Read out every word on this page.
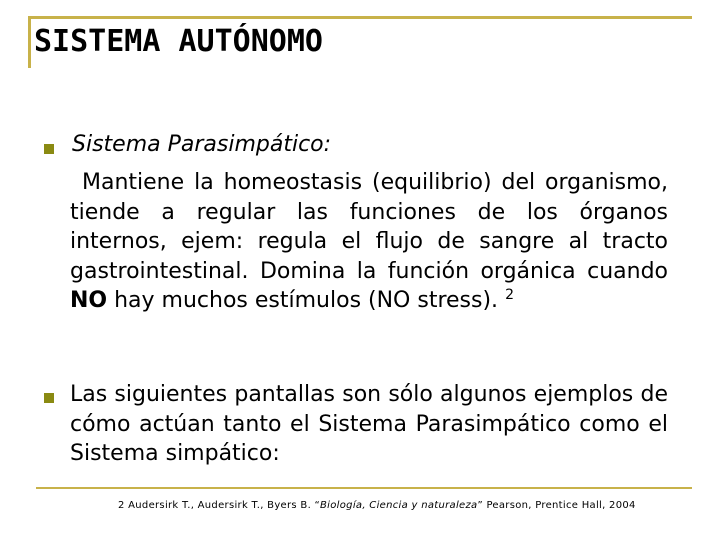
SISTEMA AUTÓNOMO
Sistema Parasimpático:
Mantiene la homeostasis (equilibrio) del organismo, tiende a regular las funciones de los órganos internos, ejem: regula el flujo de sangre al tracto gastrointestinal. Domina la función orgánica cuando NO hay muchos estímulos (NO stress). $^2$
Las siguientes pantallas son sólo algunos ejemplos de cómo actúan tanto el Sistema Parasimpático como el Sistema simpático:
2 Audersirk T., Audersirk T., Byers B. “Biología, Ciencia y naturaleza” Pearson, Prentice Hall, 2004
